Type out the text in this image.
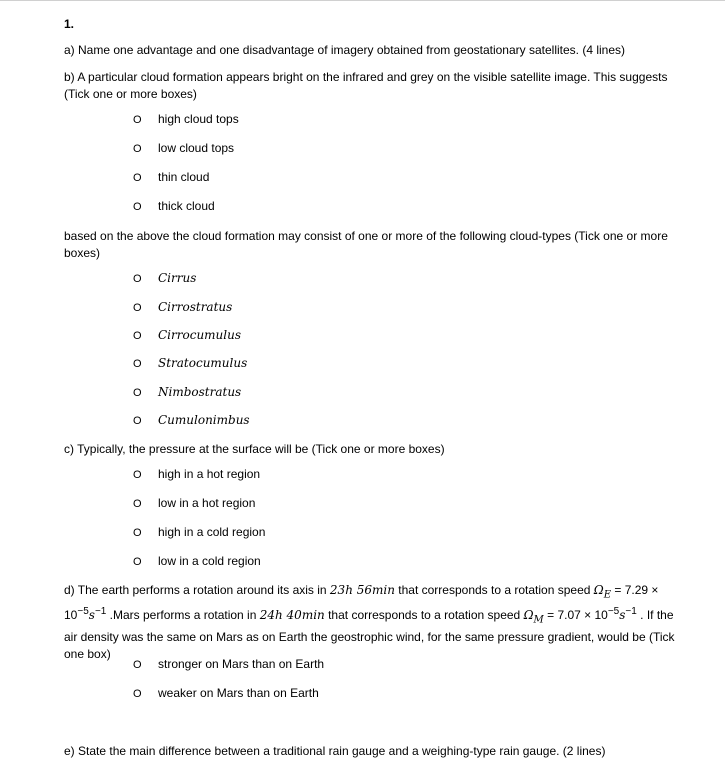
1.
a) Name one advantage and one disadvantage of imagery obtained from geostationary satellites. (4 lines)
b) A particular cloud formation appears bright on the infrared and grey on the visible satellite image. This suggests (Tick one or more boxes)
O high cloud tops
O low cloud tops
O thin cloud
O thick cloud
based on the above the cloud formation may consist of one or more of the following cloud-types (Tick one or more boxes)
O Cirrus
O Cirrostratus
O Cirrocumulus
O Stratocumulus
O Nimbostratus
O Cumulonimbus
c) Typically, the pressure at the surface will be (Tick one or more boxes)
O high in a hot region
O low in a hot region
O high in a cold region
O low in a cold region
d) The earth performs a rotation around its axis in 23h 56min that corresponds to a rotation speed $\Omega_E = 7.29 \times 10^{-5}s^{-1}$ .Mars performs a rotation in 24h 40min that corresponds to a rotation speed $\Omega_M = 7.07 \times 10^{-5}s^{-1}$ . If the air density was the same on Mars as on Earth the geostrophic wind, for the same pressure gradient, would be (Tick one box)
O stronger on Mars than on Earth
O weaker on Mars than on Earth
e) State the main difference between a traditional rain gauge and a weighing-type rain gauge. (2 lines)
